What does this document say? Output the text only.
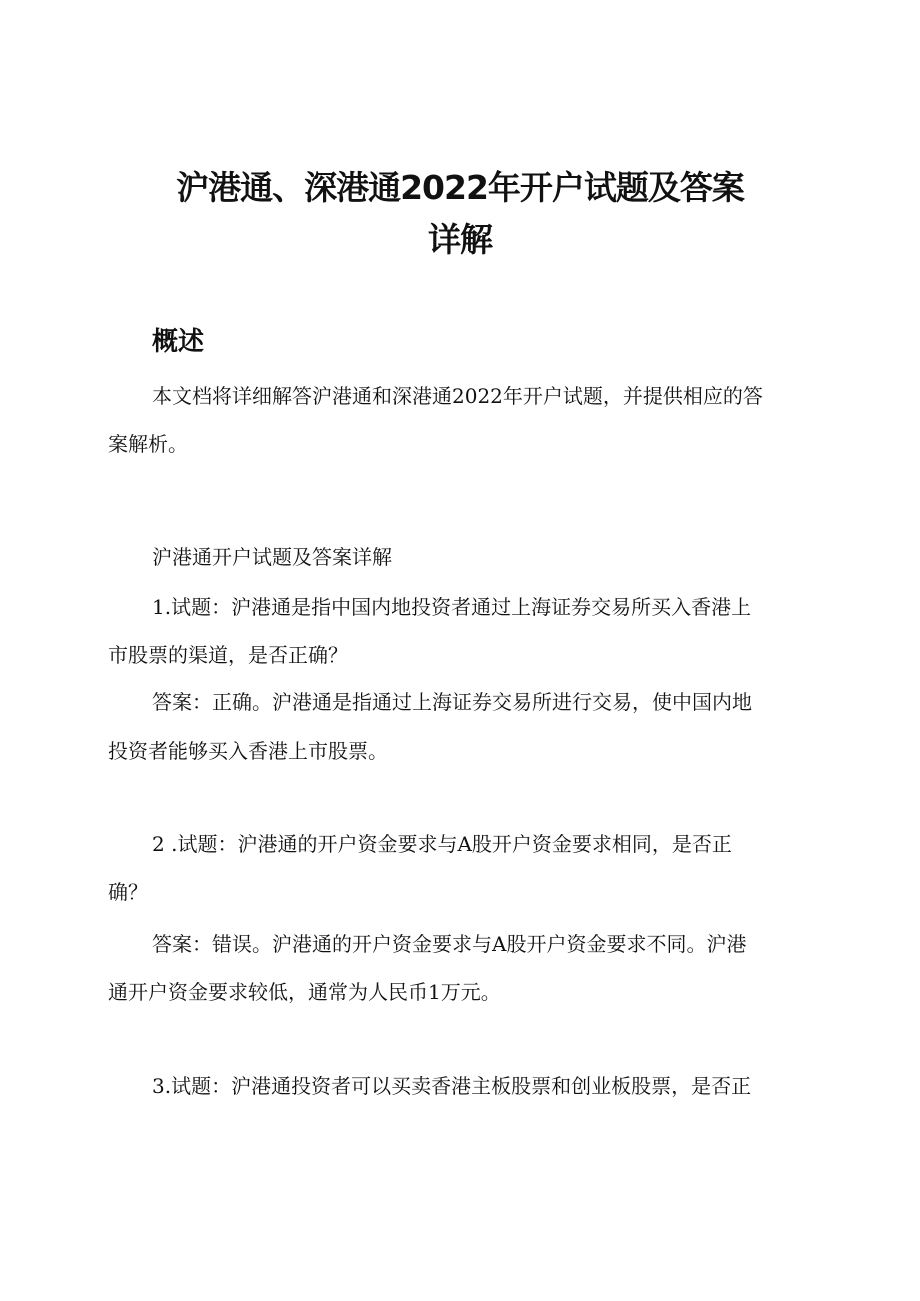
沪港通、深港通2022年开户试题及答案
详解
概述
本文档将详细解答沪港通和深港通2022年开户试题，并提供相应的答
案解析。
沪港通开户试题及答案详解
1.试题：沪港通是指中国内地投资者通过上海证券交易所买入香港上
市股票的渠道，是否正确？
答案：正确。沪港通是指通过上海证券交易所进行交易，使中国内地
投资者能够买入香港上市股票。
2 .试题：沪港通的开户资金要求与A股开户资金要求相同，是否正
确？
答案：错误。沪港通的开户资金要求与A股开户资金要求不同。沪港
通开户资金要求较低，通常为人民币1万元。
3.试题：沪港通投资者可以买卖香港主板股票和创业板股票，是否正
